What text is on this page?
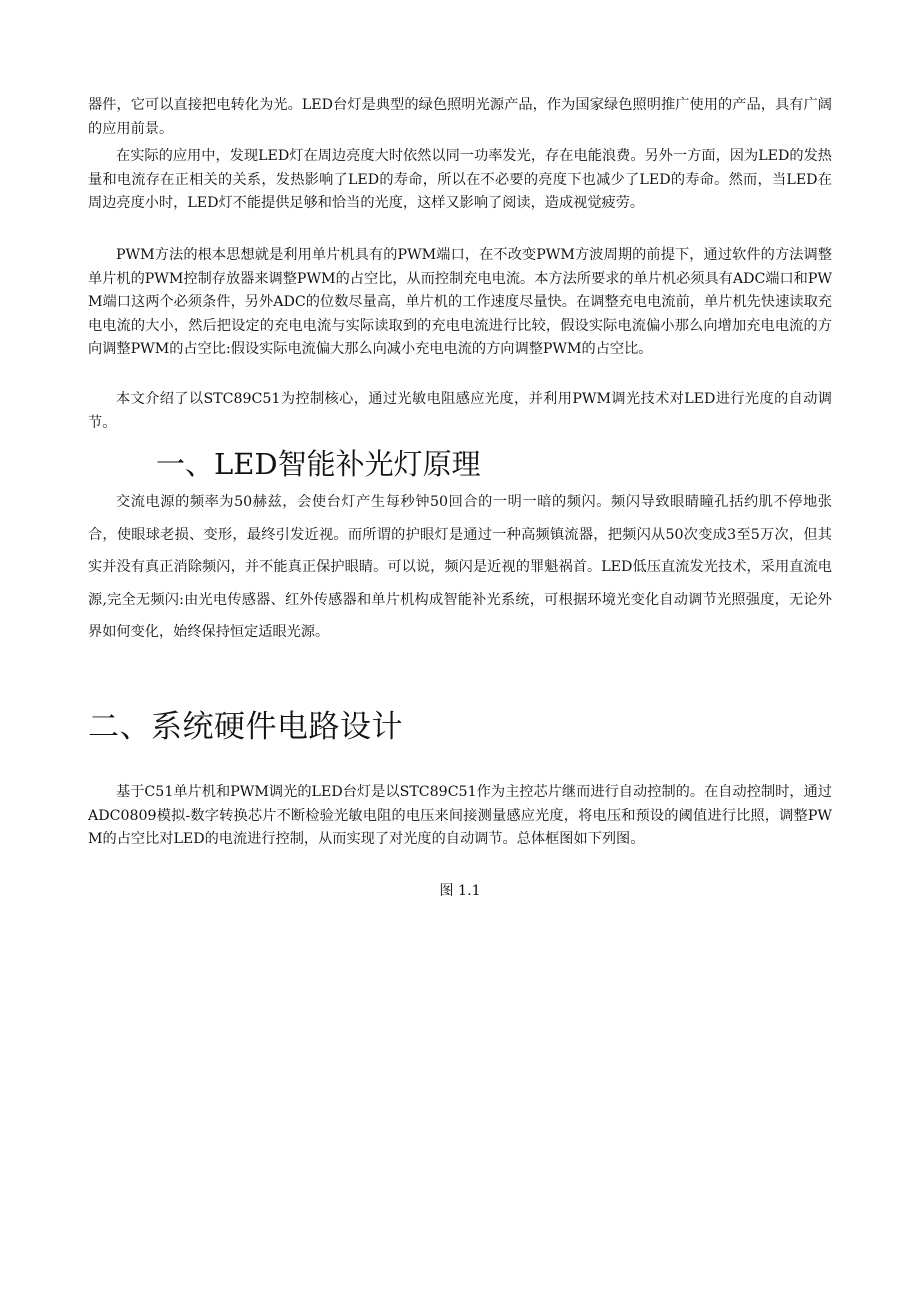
器件，它可以直接把电转化为光。LED台灯是典型的绿色照明光源产品，作为国家绿色照明推广使用的产品，具有广阔的应用前景。

在实际的应用中，发现LED灯在周边亮度大时依然以同一功率发光，存在电能浪费。另外一方面，因为LED的发热量和电流存在正相关的关系，发热影响了LED的寿命，所以在不必要的亮度下也减少了LED的寿命。然而，当LED在周边亮度小时，LED灯不能提供足够和恰当的光度，这样又影响了阅读，造成视觉疲劳。

PWM方法的根本思想就是利用单片机具有的PWM端口，在不改变PWM方波周期的前提下，通过软件的方法调整单片机的PWM控制存放器来调整PWM的占空比，从而控制充电电流。本方法所要求的单片机必须具有ADC端口和PWM端口这两个必须条件，另外ADC的位数尽量高，单片机的工作速度尽量快。在调整充电电流前，单片机先快速读取充电电流的大小，然后把设定的充电电流与实际读取到的充电电流进行比较，假设实际电流偏小那么向增加充电电流的方向调整PWM的占空比:假设实际电流偏大那么向减小充电电流的方向调整PWM的占空比。

本文介绍了以STC89C51为控制核心，通过光敏电阻感应光度，并利用PWM调光技术对LED进行光度的自动调节。

一、LED智能补光灯原理

交流电源的频率为50赫兹，会使台灯产生每秒钟50回合的一明一暗的频闪。频闪导致眼睛瞳孔括约肌不停地张合，使眼球老损、变形，最终引发近视。而所谓的护眼灯是通过一种高频镇流器，把频闪从50次变成3至5万次，但其实并没有真正消除频闪，并不能真正保护眼睛。可以说，频闪是近视的罪魁祸首。LED低压直流发光技术，采用直流电源,完全无频闪:由光电传感器、红外传感器和单片机构成智能补光系统，可根据环境光变化自动调节光照强度，无论外界如何变化，始终保持恒定适眼光源。

二、系统硬件电路设计

基于C51单片机和PWM调光的LED台灯是以STC89C51作为主控芯片继而进行自动控制的。在自动控制时，通过ADC0809模拟-数字转换芯片不断检验光敏电阻的电压来间接测量感应光度，将电压和预设的阈值进行比照，调整PWM的占空比对LED的电流进行控制，从而实现了对光度的自动调节。总体框图如下列图。

图 1.1
